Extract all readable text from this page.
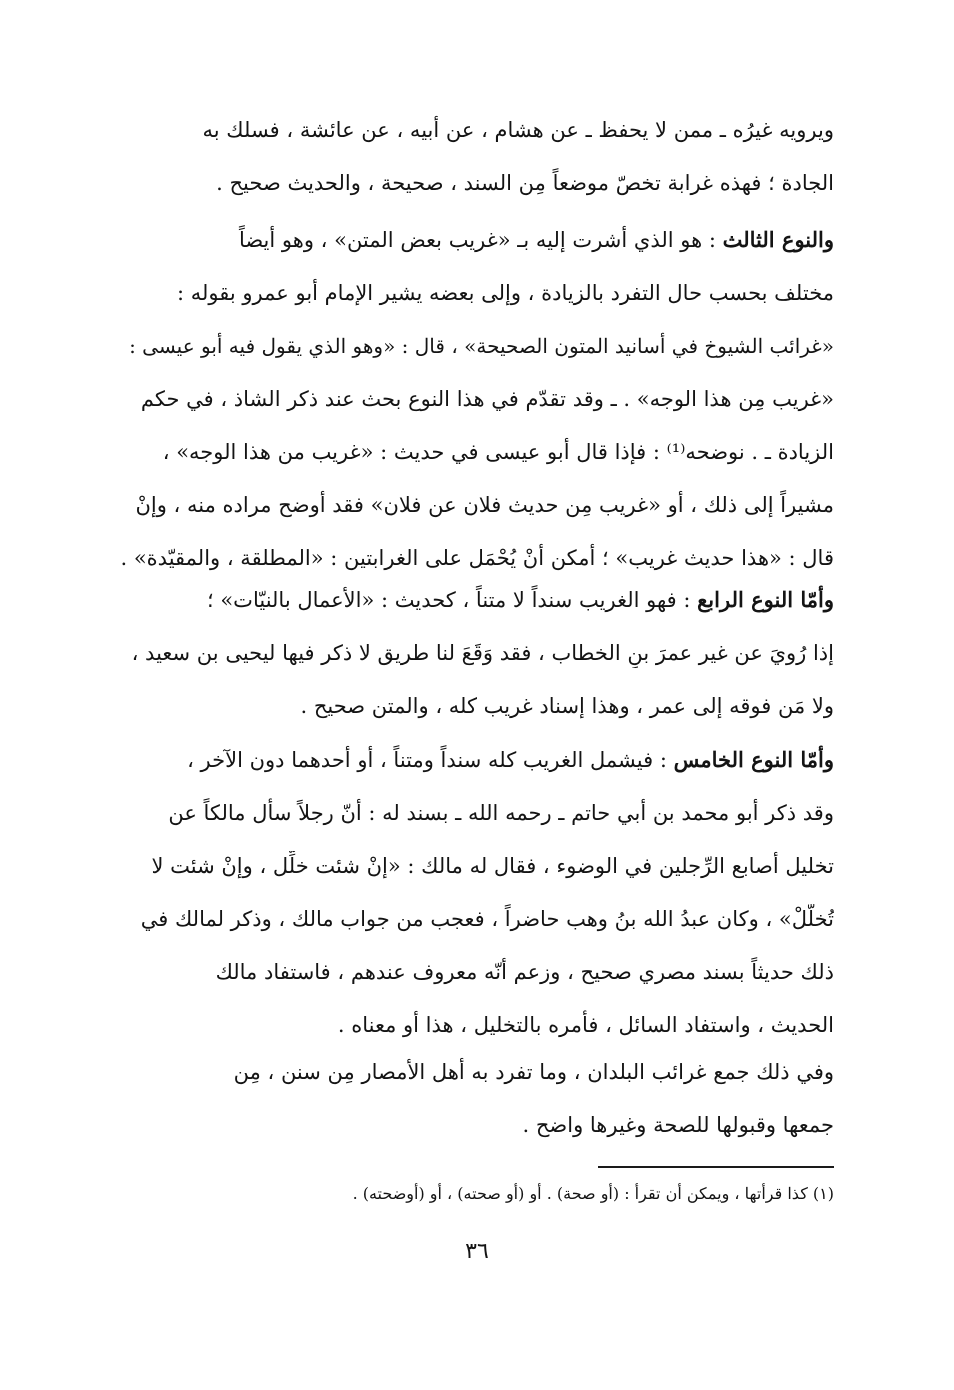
ويرويه غيرُه ـ ممن لا يحفظ ـ عن هشام ، عن أبيه ، عن عائشة ، فسلك به
الجادة ؛ فهذه غرابة تخصّ موضعاً مِن السند ، صحيحة ، والحديث صحيح .
والنوع الثالث : هو الذي أشرت إليه بـ «غريب بعض المتن» ، وهو أيضاً
مختلف بحسب حال التفرد بالزيادة ، وإلى بعضه يشير الإمام أبو عمرو بقوله :
«غرائب الشيوخ في أسانيد المتون الصحيحة» ، قال : «وهو الذي يقول فيه أبو عيسى :
«غريب مِن هذا الوجه» . ـ وقد تقدّم في هذا النوع بحث عند ذكر الشاذ ، في حكم
الزيادة ـ . نوضحه⁽¹⁾ : فإذا قال أبو عيسى في حديث : «غريب من هذا الوجه» ،
مشيراً إلى ذلك ، أو «غريب مِن حديث فلان عن فلان» فقد أوضح مراده منه ، وإنْ
قال : «هذا حديث غريب» ؛ أمكن أنْ يُحْمَل على الغرابتين : «المطلقة ، والمقيّدة» .
وأمّا النوع الرابع : فهو الغريب سنداً لا متناً ، كحديث : «الأعمال بالنيّات» ؛
إذا رُويَ عن غير عمرَ بنِ الخطاب ، فقد وَقَعَ لنا طريق لا ذكر فيها ليحيى بن سعيد ،
ولا مَن فوقه إلى عمر ، وهذا إسناد غريب كله ، والمتن صحيح .
وأمّا النوع الخامس : فيشمل الغريب كله سنداً ومتناً ، أو أحدهما دون الآخر ،
وقد ذكر أبو محمد بن أبي حاتم ـ رحمه الله ـ بسند له : أنّ رجلاً سأل مالكاً عن
تخليل أصابع الرِّجلين في الوضوء ، فقال له مالك : «إنْ شئت خلِّل ، وإنْ شئت لا
تُخلّلْ» ، وكان عبدُ الله بنُ وهب حاضراً ، فعجب من جواب مالك ، وذكر لمالك في
ذلك حديثاً بسند مصري صحيح ، وزعم أنّه معروف عندهم ، فاستفاد مالك
الحديث ، واستفاد السائل ، فأمره بالتخليل ، هذا أو معناه .
وفي ذلك جمع غرائب البلدان ، وما تفرد به أهل الأمصار مِن سنن ، مِن
جمعها وقبولها للصحة وغيرها واضح .
(١) كذا قرأتها ، ويمكن أن تقرأ : (أو صحة) . أو (أو صحته) ، أو (أوضحته) .
٣٦
